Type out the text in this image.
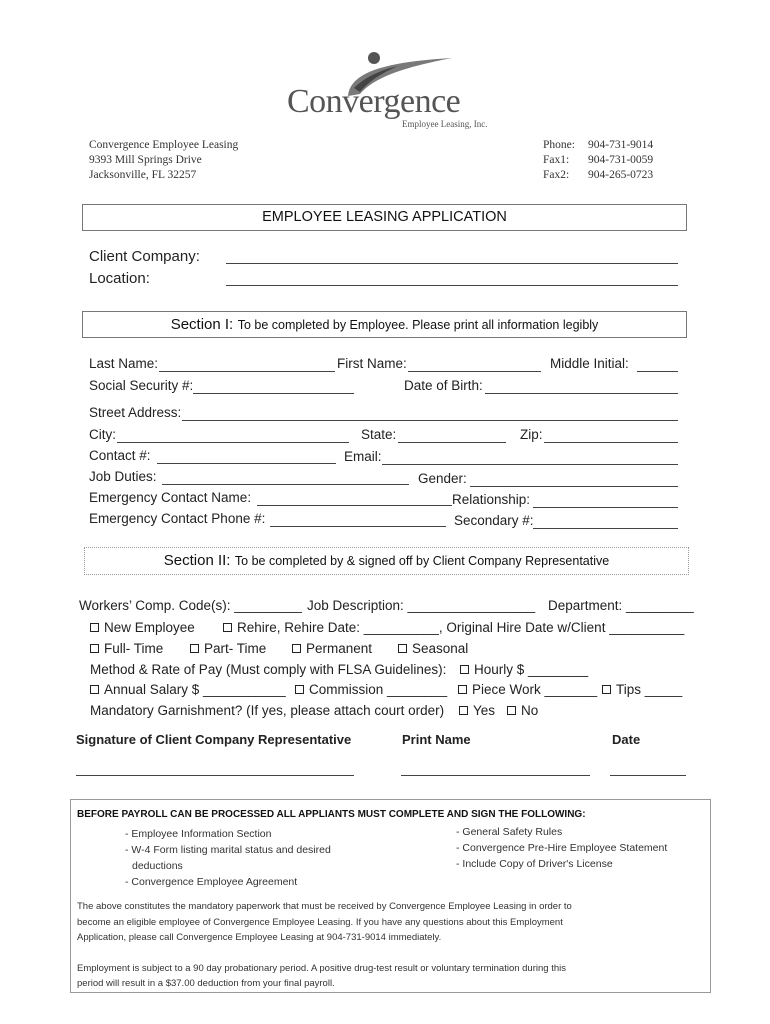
Convergence
Employee Leasing, Inc.
Convergence Employee Leasing
9393 Mill Springs Drive
Jacksonville, FL 32257
Phone: 904-731-9014
Fax1: 904-731-0059
Fax2: 904-265-0723
EMPLOYEE LEASING APPLICATION
Client Company:
Location:
Section I: To be completed by Employee. Please print all information legibly
Last Name:	First Name:	Middle Initial:
Social Security #:	Date of Birth:
Street Address:
City:	State:	Zip:
Contact #:	Email:
Job Duties:	Gender:
Emergency Contact Name:	Relationship:
Emergency Contact Phone #:	Secondary #:
Section II: To be completed by & signed off by Client Company Representative
Workers’ Comp. Code(s): _________ Job Description: _________________ Department: _________
New Employee	Rehire, Rehire Date: __________, Original Hire Date w/Client __________
Full- Time	Part- Time	Permanent	Seasonal
Method & Rate of Pay (Must comply with FLSA Guidelines):	Hourly $ ________
Annual Salary $ ___________	Commission ________	Piece Work _______	Tips _____
Mandatory Garnishment? (If yes, please attach court order)	Yes	No
Signature of Client Company Representative	Print Name	Date
BEFORE PAYROLL CAN BE PROCESSED ALL APPLIANTS MUST COMPLETE AND SIGN THE FOLLOWING:
- Employee Information Section
- W-4 Form listing marital status and desired
deductions
- Convergence Employee Agreement
- General Safety Rules
- Convergence Pre-Hire Employee Statement
- Include Copy of Driver's License
The above constitutes the mandatory paperwork that must be received by Convergence Employee Leasing in order to
become an eligible employee of Convergence Employee Leasing. If you have any questions about this Employment
Application, please call Convergence Employee Leasing at 904-731-9014 immediately.
Employment is subject to a 90 day probationary period. A positive drug-test result or voluntary termination during this
period will result in a $37.00 deduction from your final payroll.
